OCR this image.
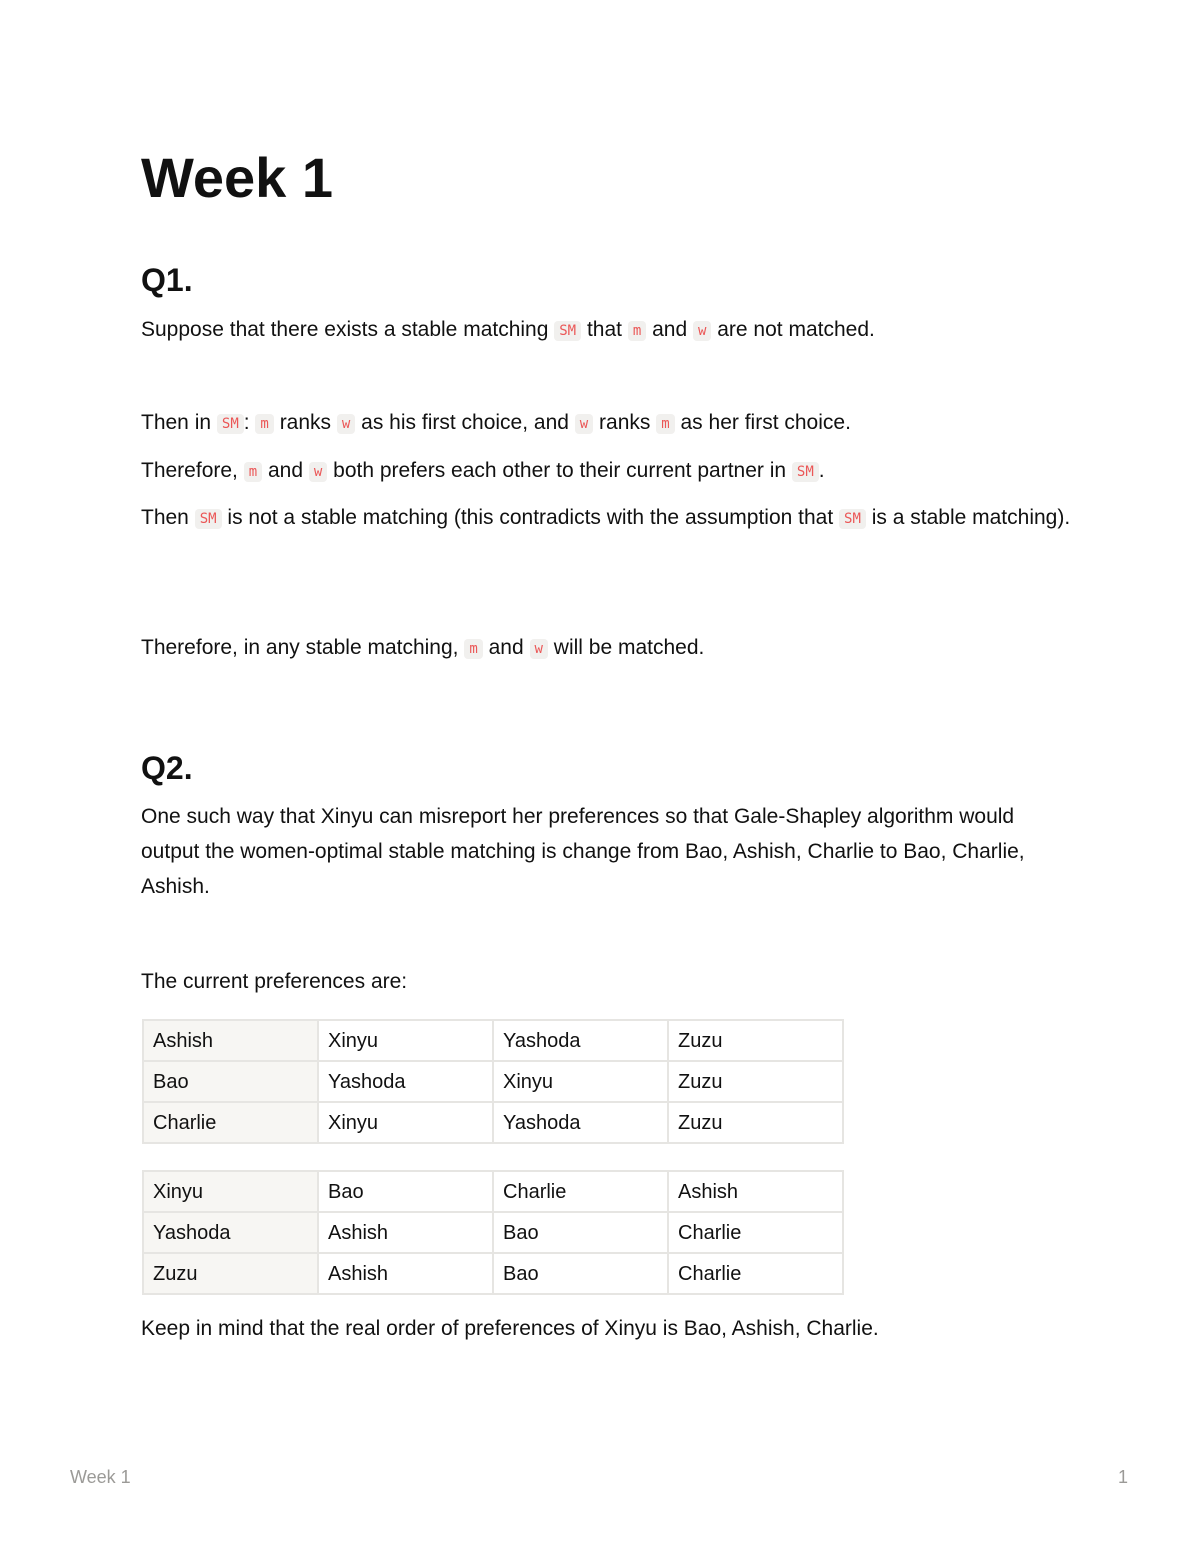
Week 1
Q1.

Suppose that there exists a stable matching SM that m and w are not matched.

Then in SM : m ranks w as his first choice, and w ranks m as her first choice.

Therefore, m and w both prefers each other to their current partner in SM .

Then SM is not a stable matching (this contradicts with the assumption that SM is a stable matching).

Therefore, in any stable matching, m and w will be matched.

Q2.

One such way that Xinyu can misreport her preferences so that Gale-Shapley algorithm would output the women-optimal stable matching is change from Bao, Ashish, Charlie to Bao, Charlie, Ashish.

The current preferences are:

Ashish	Xinyu	Yashoda	Zuzu
Bao	Yashoda	Xinyu	Zuzu
Charlie	Xinyu	Yashoda	Zuzu
Xinyu	Bao	Charlie	Ashish
Yashoda	Ashish	Bao	Charlie
Zuzu	Ashish	Bao	Charlie

Keep in mind that the real order of preferences of Xinyu is Bao, Ashish, Charlie.

Week 1	1
